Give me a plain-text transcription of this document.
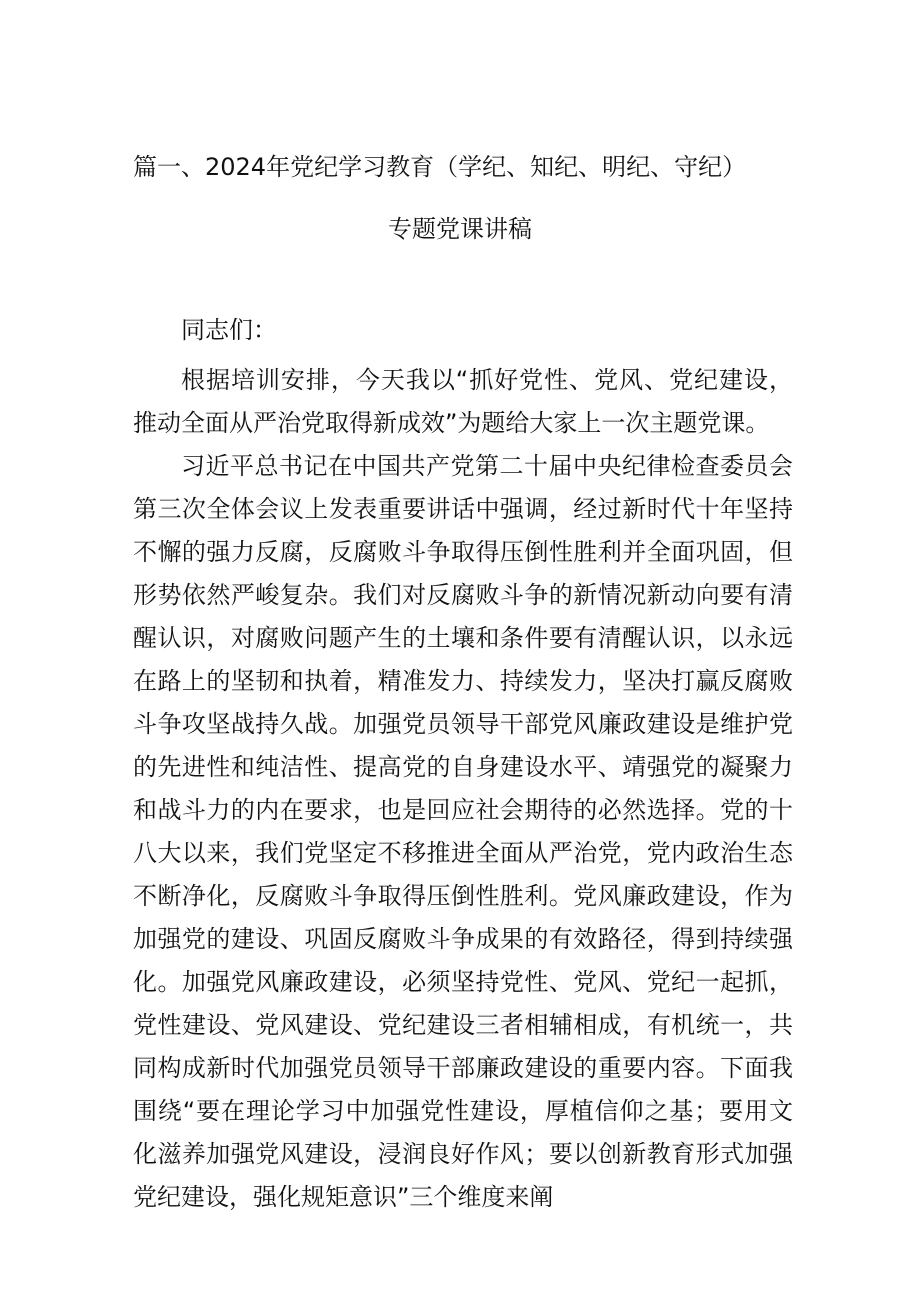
篇一、2024年党纪学习教育（学纪、知纪、明纪、守纪）
专题党课讲稿
同志们：

根据培训安排，今天我以“抓好党性、党风、党纪建设，推动全面从严治党取得新成效”为题给大家上一次主题党课。

习近平总书记在中国共产党第二十届中央纪律检查委员会第三次全体会议上发表重要讲话中强调，经过新时代十年坚持不懈的强力反腐，反腐败斗争取得压倒性胜利并全面巩固，但形势依然严峻复杂。我们对反腐败斗争的新情况新动向要有清醒认识，对腐败问题产生的土壤和条件要有清醒认识，以永远在路上的坚韧和执着，精准发力、持续发力，坚决打赢反腐败斗争攻坚战持久战。加强党员领导干部党风廉政建设是维护党的先进性和纯洁性、提高党的自身建设水平、靖强党的凝聚力和战斗力的内在要求，也是回应社会期待的必然选择。党的十八大以来，我们党坚定不移推进全面从严治党，党内政治生态不断净化，反腐败斗争取得压倒性胜利。党风廉政建设，作为加强党的建设、巩固反腐败斗争成果的有效路径，得到持续强化。加强党风廉政建设，必须坚持党性、党风、党纪一起抓，党性建设、党风建设、党纪建设三者相辅相成，有机统一，共同构成新时代加强党员领导干部廉政建设的重要内容。下面我围绕“要在理论学习中加强党性建设，厚植信仰之基；要用文化滋养加强党风建设，浸润良好作风；要以创新教育形式加强党纪建设，强化规矩意识”三个维度来阐
